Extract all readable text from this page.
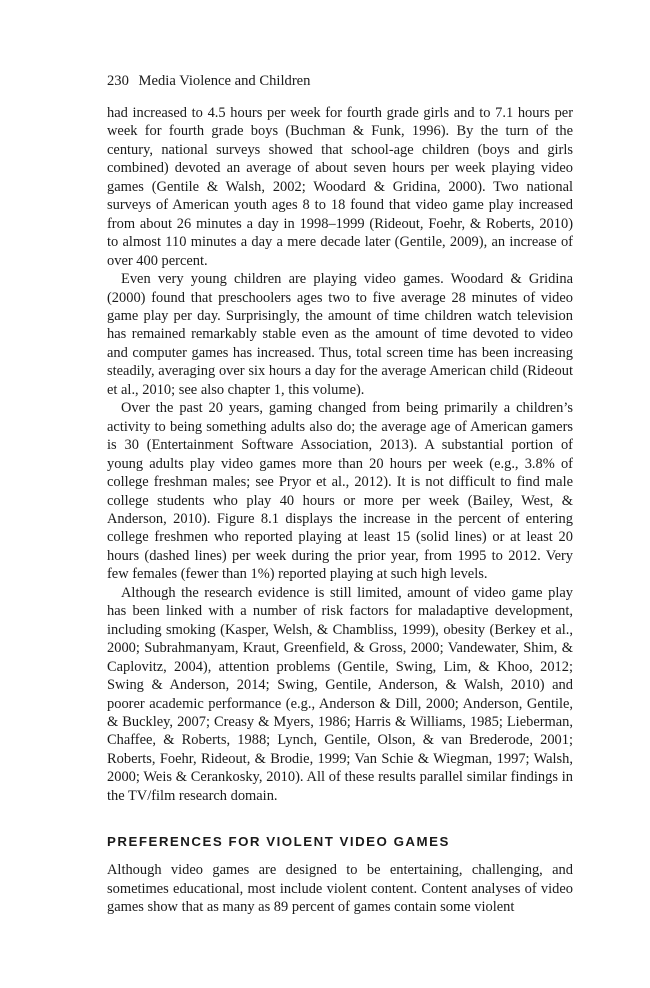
230 Media Violence and Children

had increased to 4.5 hours per week for fourth grade girls and to 7.1 hours per week for fourth grade boys (Buchman & Funk, 1996). By the turn of the century, national surveys showed that school-age children (boys and girls combined) devoted an average of about seven hours per week playing video games (Gentile & Walsh, 2002; Woodard & Gridina, 2000). Two national surveys of American youth ages 8 to 18 found that video game play increased from about 26 minutes a day in 1998–1999 (Rideout, Foehr, & Roberts, 2010) to almost 110 minutes a day a mere decade later (Gentile, 2009), an increase of over 400 percent.

Even very young children are playing video games. Woodard & Gridina (2000) found that preschoolers ages two to five average 28 minutes of video game play per day. Surprisingly, the amount of time children watch television has remained remarkably stable even as the amount of time devoted to video and computer games has increased. Thus, total screen time has been increasing steadily, averaging over six hours a day for the average American child (Rideout et al., 2010; see also chapter 1, this volume).

Over the past 20 years, gaming changed from being primarily a children’s activity to being something adults also do; the average age of American gamers is 30 (Entertainment Software Association, 2013). A substantial portion of young adults play video games more than 20 hours per week (e.g., 3.8% of college freshman males; see Pryor et al., 2012). It is not difficult to find male college students who play 40 hours or more per week (Bailey, West, & Anderson, 2010). Figure 8.1 displays the increase in the percent of entering college freshmen who reported playing at least 15 (solid lines) or at least 20 hours (dashed lines) per week during the prior year, from 1995 to 2012. Very few females (fewer than 1%) reported playing at such high levels.

Although the research evidence is still limited, amount of video game play has been linked with a number of risk factors for maladaptive development, including smoking (Kasper, Welsh, & Chambliss, 1999), obesity (Berkey et al., 2000; Subrahmanyam, Kraut, Greenfield, & Gross, 2000; Vandewater, Shim, & Caplovitz, 2004), attention problems (Gentile, Swing, Lim, & Khoo, 2012; Swing & Anderson, 2014; Swing, Gentile, Anderson, & Walsh, 2010) and poorer academic performance (e.g., Anderson & Dill, 2000; Anderson, Gentile, & Buckley, 2007; Creasy & Myers, 1986; Harris & Williams, 1985; Lieberman, Chaffee, & Roberts, 1988; Lynch, Gentile, Olson, & van Brederode, 2001; Roberts, Foehr, Rideout, & Brodie, 1999; Van Schie & Wiegman, 1997; Walsh, 2000; Weis & Cerankosky, 2010). All of these results parallel similar findings in the TV/film research domain.

PREFERENCES FOR VIOLENT VIDEO GAMES

Although video games are designed to be entertaining, challenging, and sometimes educational, most include violent content. Content analyses of video games show that as many as 89 percent of games contain some violent
